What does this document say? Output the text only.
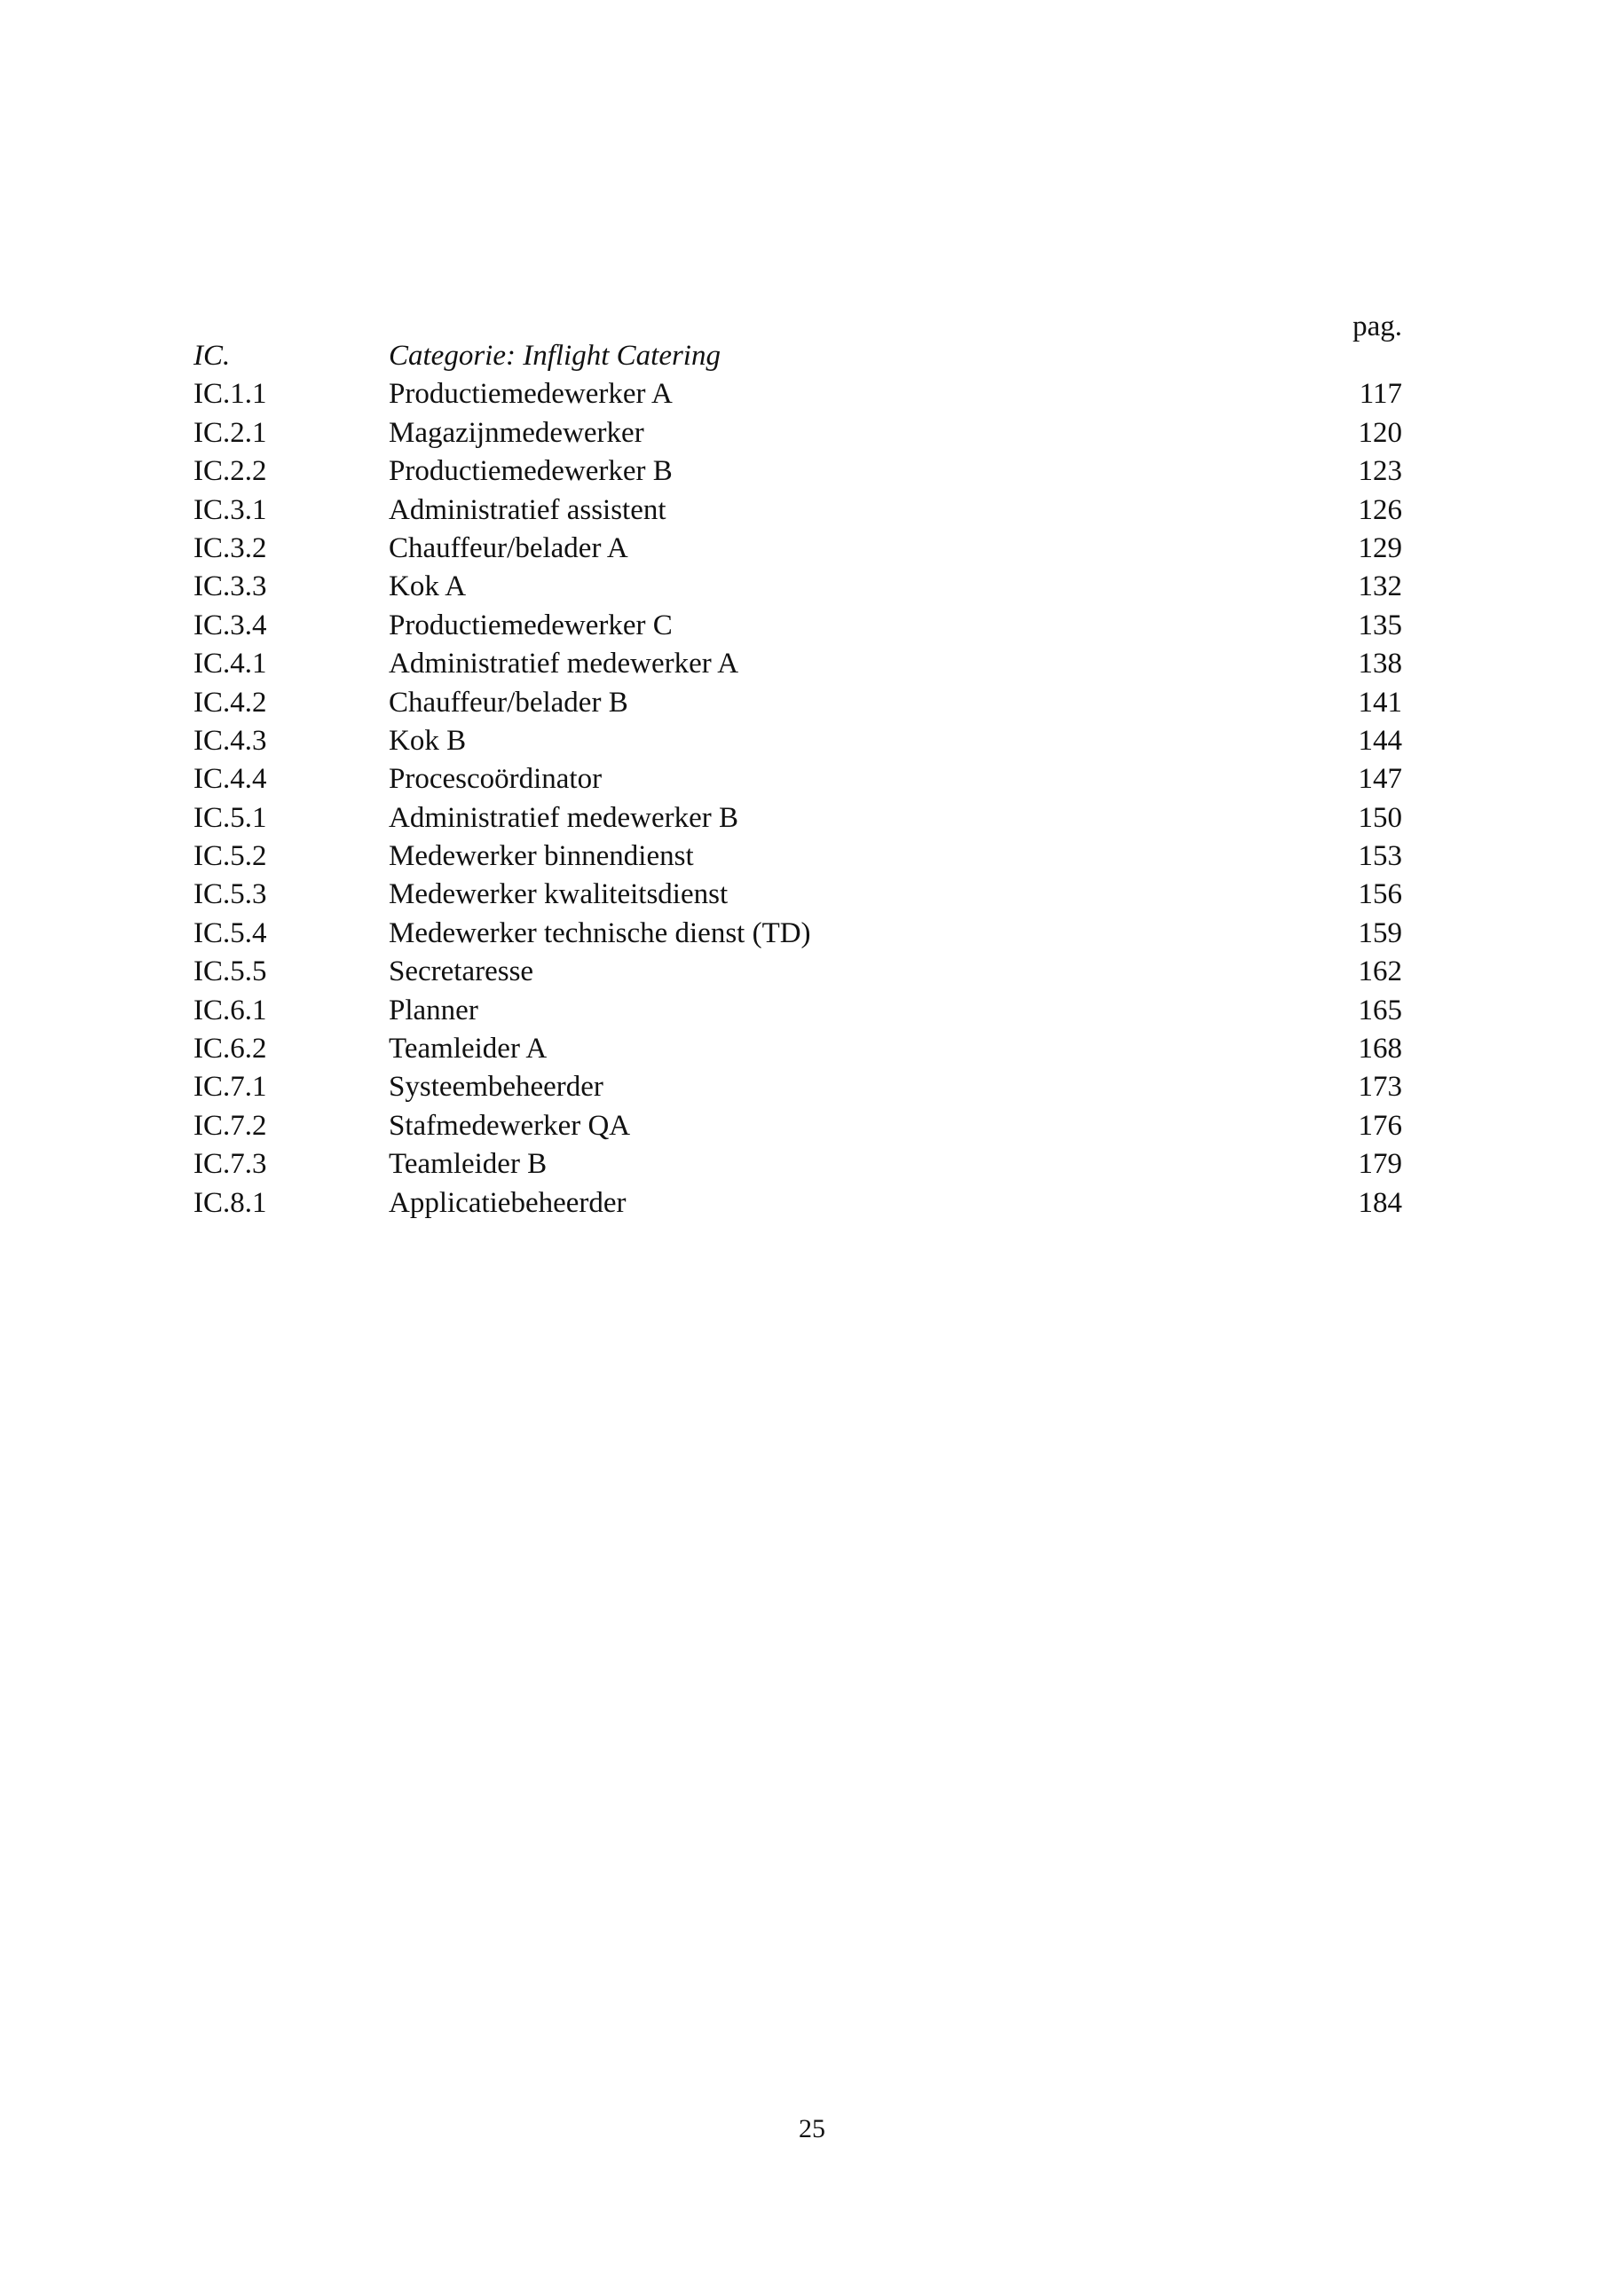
pag.
IC.	Categorie: Inflight Catering
IC.1.1	Productiemedewerker A	117
IC.2.1	Magazijnmedewerker	120
IC.2.2	Productiemedewerker B	123
IC.3.1	Administratief assistent	126
IC.3.2	Chauffeur/belader A	129
IC.3.3	Kok A	132
IC.3.4	Productiemedewerker C	135
IC.4.1	Administratief medewerker A	138
IC.4.2	Chauffeur/belader B	141
IC.4.3	Kok B	144
IC.4.4	Procescoördinator	147
IC.5.1	Administratief medewerker B	150
IC.5.2	Medewerker binnendienst	153
IC.5.3	Medewerker kwaliteitsdienst	156
IC.5.4	Medewerker technische dienst (TD)	159
IC.5.5	Secretaresse	162
IC.6.1	Planner	165
IC.6.2	Teamleider A	168
IC.7.1	Systeembeheerder	173
IC.7.2	Stafmedewerker QA	176
IC.7.3	Teamleider B	179
IC.8.1	Applicatiebeheerder	184
25
